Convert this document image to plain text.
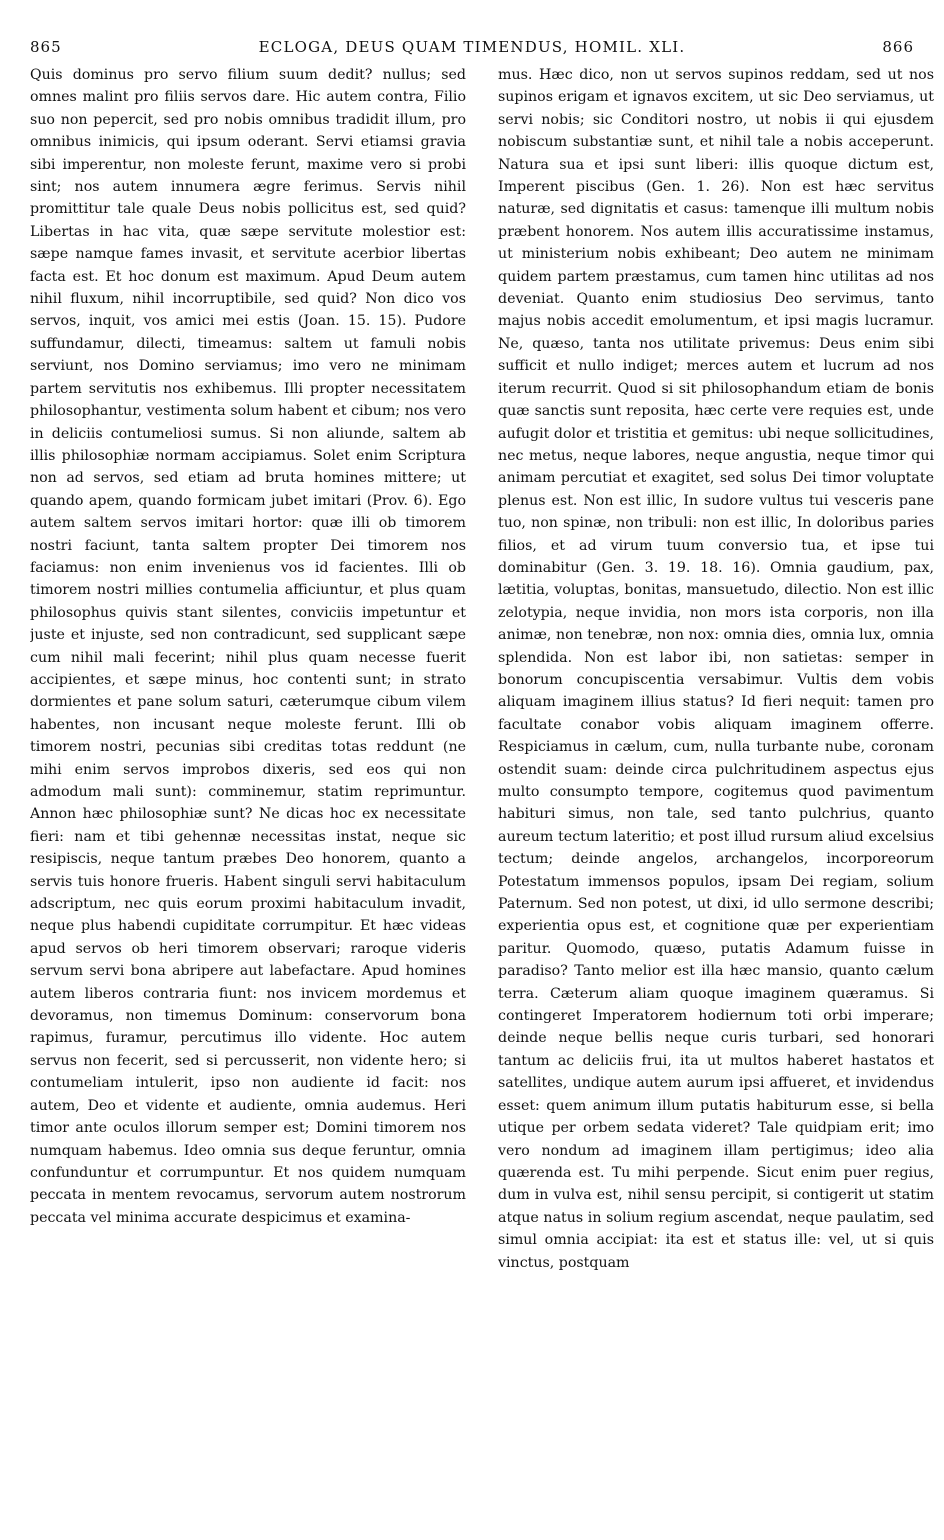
865	ECLOGA, DEUS QUAM TIMENDUS, HOMIL. XLI.	866

Quis dominus pro servo filium suum dedit? nullus; sed omnes malint pro filiis servos dare. Hic autem contra, Filio suo non pepercit, sed pro nobis omnibus tradidit illum, pro omnibus inimicis, qui ipsum oderant. Servi etiamsi gravia sibi imperentur, non moleste ferunt, maxime vero si probi sint; nos autem innumera ægre ferimus. Servis nihil promittitur tale quale Deus nobis pollicitus est, sed quid? Libertas in hac vita, quæ sæpe servitute molestior est: sæpe namque fames invasit, et servitute acerbior libertas facta est. Et hoc donum est maximum. Apud Deum autem nihil fluxum, nihil incorruptibile, sed quid? Non dico vos servos, inquit, vos amici mei estis (Joan. 15. 15). Pudore suffundamur, dilecti, timeamus: saltem ut famuli nobis serviunt, nos Domino serviamus; imo vero ne minimam partem servitutis nos exhibemus. Illi propter necessitatem philosophantur, vestimenta solum habent et cibum; nos vero in deliciis contumeliosi sumus. Si non aliunde, saltem ab illis philosophiæ normam accipiamus. Solet enim Scriptura non ad servos, sed etiam ad bruta homines mittere; ut quando apem, quando formicam jubet imitari (Prov. 6). Ego autem saltem servos imitari hortor: quæ illi ob timorem nostri faciunt, tanta saltem propter Dei timorem nos faciamus: non enim invenienus vos id facientes. Illi ob timorem nostri millies contumelia afficiuntur, et plus quam philosophus quivis stant silentes, conviciis impetuntur et juste et injuste, sed non contradicunt, sed supplicant sæpe cum nihil mali fecerint; nihil plus quam necesse fuerit accipientes, et sæpe minus, hoc contenti sunt; in strato dormientes et pane solum saturi, cæterumque cibum vilem habentes, non incusant neque moleste ferunt. Illi ob timorem nostri, pecunias sibi creditas totas reddunt (ne mihi enim servos improbos dixeris, sed eos qui non admodum mali sunt): comminemur, statim reprimuntur. Annon hæc philosophiæ sunt? Ne dicas hoc ex necessitate fieri: nam et tibi gehennæ necessitas instat, neque sic resipiscis, neque tantum præbes Deo honorem, quanto a servis tuis honore frueris. Habent singuli servi habitaculum adscriptum, nec quis eorum proximi habitaculum invadit, neque plus habendi cupiditate corrumpitur. Et hæc videas apud servos ob heri timorem observari; raroque videris servum servi bona abripere aut labefactare. Apud homines autem liberos contraria fiunt: nos invicem mordemus et devoramus, non timemus Dominum: conservorum bona rapimus, furamur, percutimus illo vidente. Hoc autem servus non fecerit, sed si percusserit, non vidente hero; si contumeliam intulerit, ipso non audiente id facit: nos autem, Deo et vidente et audiente, omnia audemus. Heri timor ante oculos illorum semper est; Domini timorem nos numquam habemus. Ideo omnia sus deque feruntur, omnia confunduntur et corrumpuntur. Et nos quidem numquam peccata in mentem revocamus, servorum autem nostrorum peccata vel minima accurate despicimus et examina-

mus. Hæc dico, non ut servos supinos reddam, sed ut nos supinos erigam et ignavos excitem, ut sic Deo serviamus, ut servi nobis; sic Conditori nostro, ut nobis ii qui ejusdem nobiscum substantiæ sunt, et nihil tale a nobis acceperunt. Natura sua et ipsi sunt liberi: illis quoque dictum est, Imperent piscibus (Gen. 1. 26). Non est hæc servitus naturæ, sed dignitatis et casus: tamenque illi multum nobis præbent honorem. Nos autem illis accuratissime instamus, ut ministerium nobis exhibeant; Deo autem ne minimam quidem partem præstamus, cum tamen hinc utilitas ad nos deveniat. Quanto enim studiosius Deo servimus, tanto majus nobis accedit emolumentum, et ipsi magis lucramur. Ne, quæso, tanta nos utilitate privemus: Deus enim sibi sufficit et nullo indiget; merces autem et lucrum ad nos iterum recurrit. Quod si sit philosophandum etiam de bonis quæ sanctis sunt reposita, hæc certe vere requies est, unde aufugit dolor et tristitia et gemitus: ubi neque sollicitudines, nec metus, neque labores, neque angustia, neque timor qui animam percutiat et exagitet, sed solus Dei timor voluptate plenus est. Non est illic, In sudore vultus tui vesceris pane tuo, non spinæ, non tribuli: non est illic, In doloribus paries filios, et ad virum tuum conversio tua, et ipse tui dominabitur (Gen. 3. 19. 18. 16). Omnia gaudium, pax, lætitia, voluptas, bonitas, mansuetudo, dilectio. Non est illic zelotypia, neque invidia, non mors ista corporis, non illa animæ, non tenebræ, non nox: omnia dies, omnia lux, omnia splendida. Non est labor ibi, non satietas: semper in bonorum concupiscentia versabimur. Vultis dem vobis aliquam imaginem illius status? Id fieri nequit: tamen pro facultate conabor vobis aliquam imaginem offerre. Respiciamus in cælum, cum, nulla turbante nube, coronam ostendit suam: deinde circa pulchritudinem aspectus ejus multo consumpto tempore, cogitemus quod pavimentum habituri simus, non tale, sed tanto pulchrius, quanto aureum tectum lateritio; et post illud rursum aliud excelsius tectum; deinde angelos, archangelos, incorporeorum Potestatum immensos populos, ipsam Dei regiam, solium Paternum. Sed non potest, ut dixi, id ullo sermone describi; experientia opus est, et cognitione quæ per experientiam paritur. Quomodo, quæso, putatis Adamum fuisse in paradiso? Tanto melior est illa hæc mansio, quanto cælum terra. Cæterum aliam quoque imaginem quæramus. Si contingeret Imperatorem hodiernum toti orbi imperare; deinde neque bellis neque curis turbari, sed honorari tantum ac deliciis frui, ita ut multos haberet hastatos et satellites, undique autem aurum ipsi affueret, et invidendus esset: quem animum illum putatis habiturum esse, si bella utique per orbem sedata videret? Tale quidpiam erit; imo vero nondum ad imaginem illam pertigimus; ideo alia quærenda est. Tu mihi perpende. Sicut enim puer regius, dum in vulva est, nihil sensu percipit, si contigerit ut statim atque natus in solium regium ascendat, neque paulatim, sed simul omnia accipiat: ita est et status ille: vel, ut si quis vinctus, postquam
